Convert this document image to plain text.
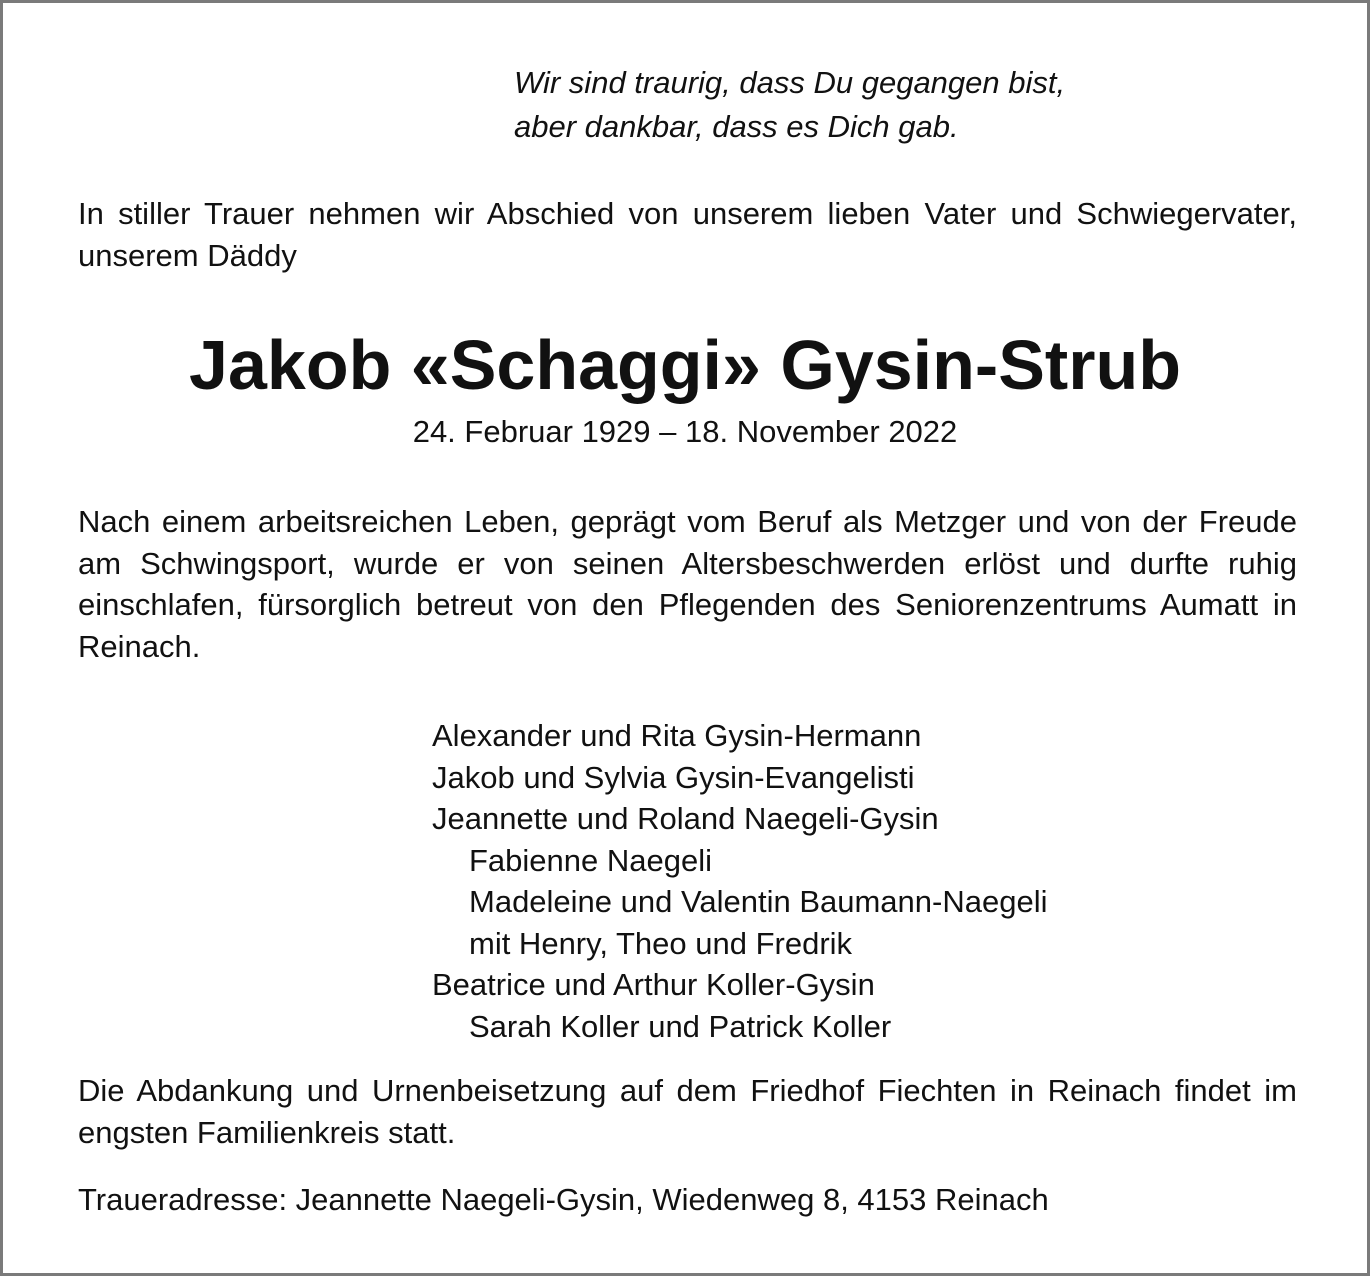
Wir sind traurig, dass Du gegangen bist,
aber dankbar, dass es Dich gab.
In stiller Trauer nehmen wir Abschied von unserem lieben Vater und Schwiegervater, unserem Däddy
Jakob «Schaggi» Gysin-Strub
24. Februar 1929 – 18. November 2022
Nach einem arbeitsreichen Leben, geprägt vom Beruf als Metzger und von der Freude am Schwingsport, wurde er von seinen Altersbeschwerden erlöst und durfte ruhig einschlafen, fürsorglich betreut von den Pflegenden des Seniorenzentrums Aumatt in Reinach.
Alexander und Rita Gysin-Hermann
Jakob und Sylvia Gysin-Evangelisti
Jeannette und Roland Naegeli-Gysin
Fabienne Naegeli
Madeleine und Valentin Baumann-Naegeli
mit Henry, Theo und Fredrik
Beatrice und Arthur Koller-Gysin
Sarah Koller und Patrick Koller
Die Abdankung und Urnenbeisetzung auf dem Friedhof Fiechten in Reinach findet im engsten Familienkreis statt.
Traueradresse: Jeannette Naegeli-Gysin, Wiedenweg 8, 4153 Reinach
